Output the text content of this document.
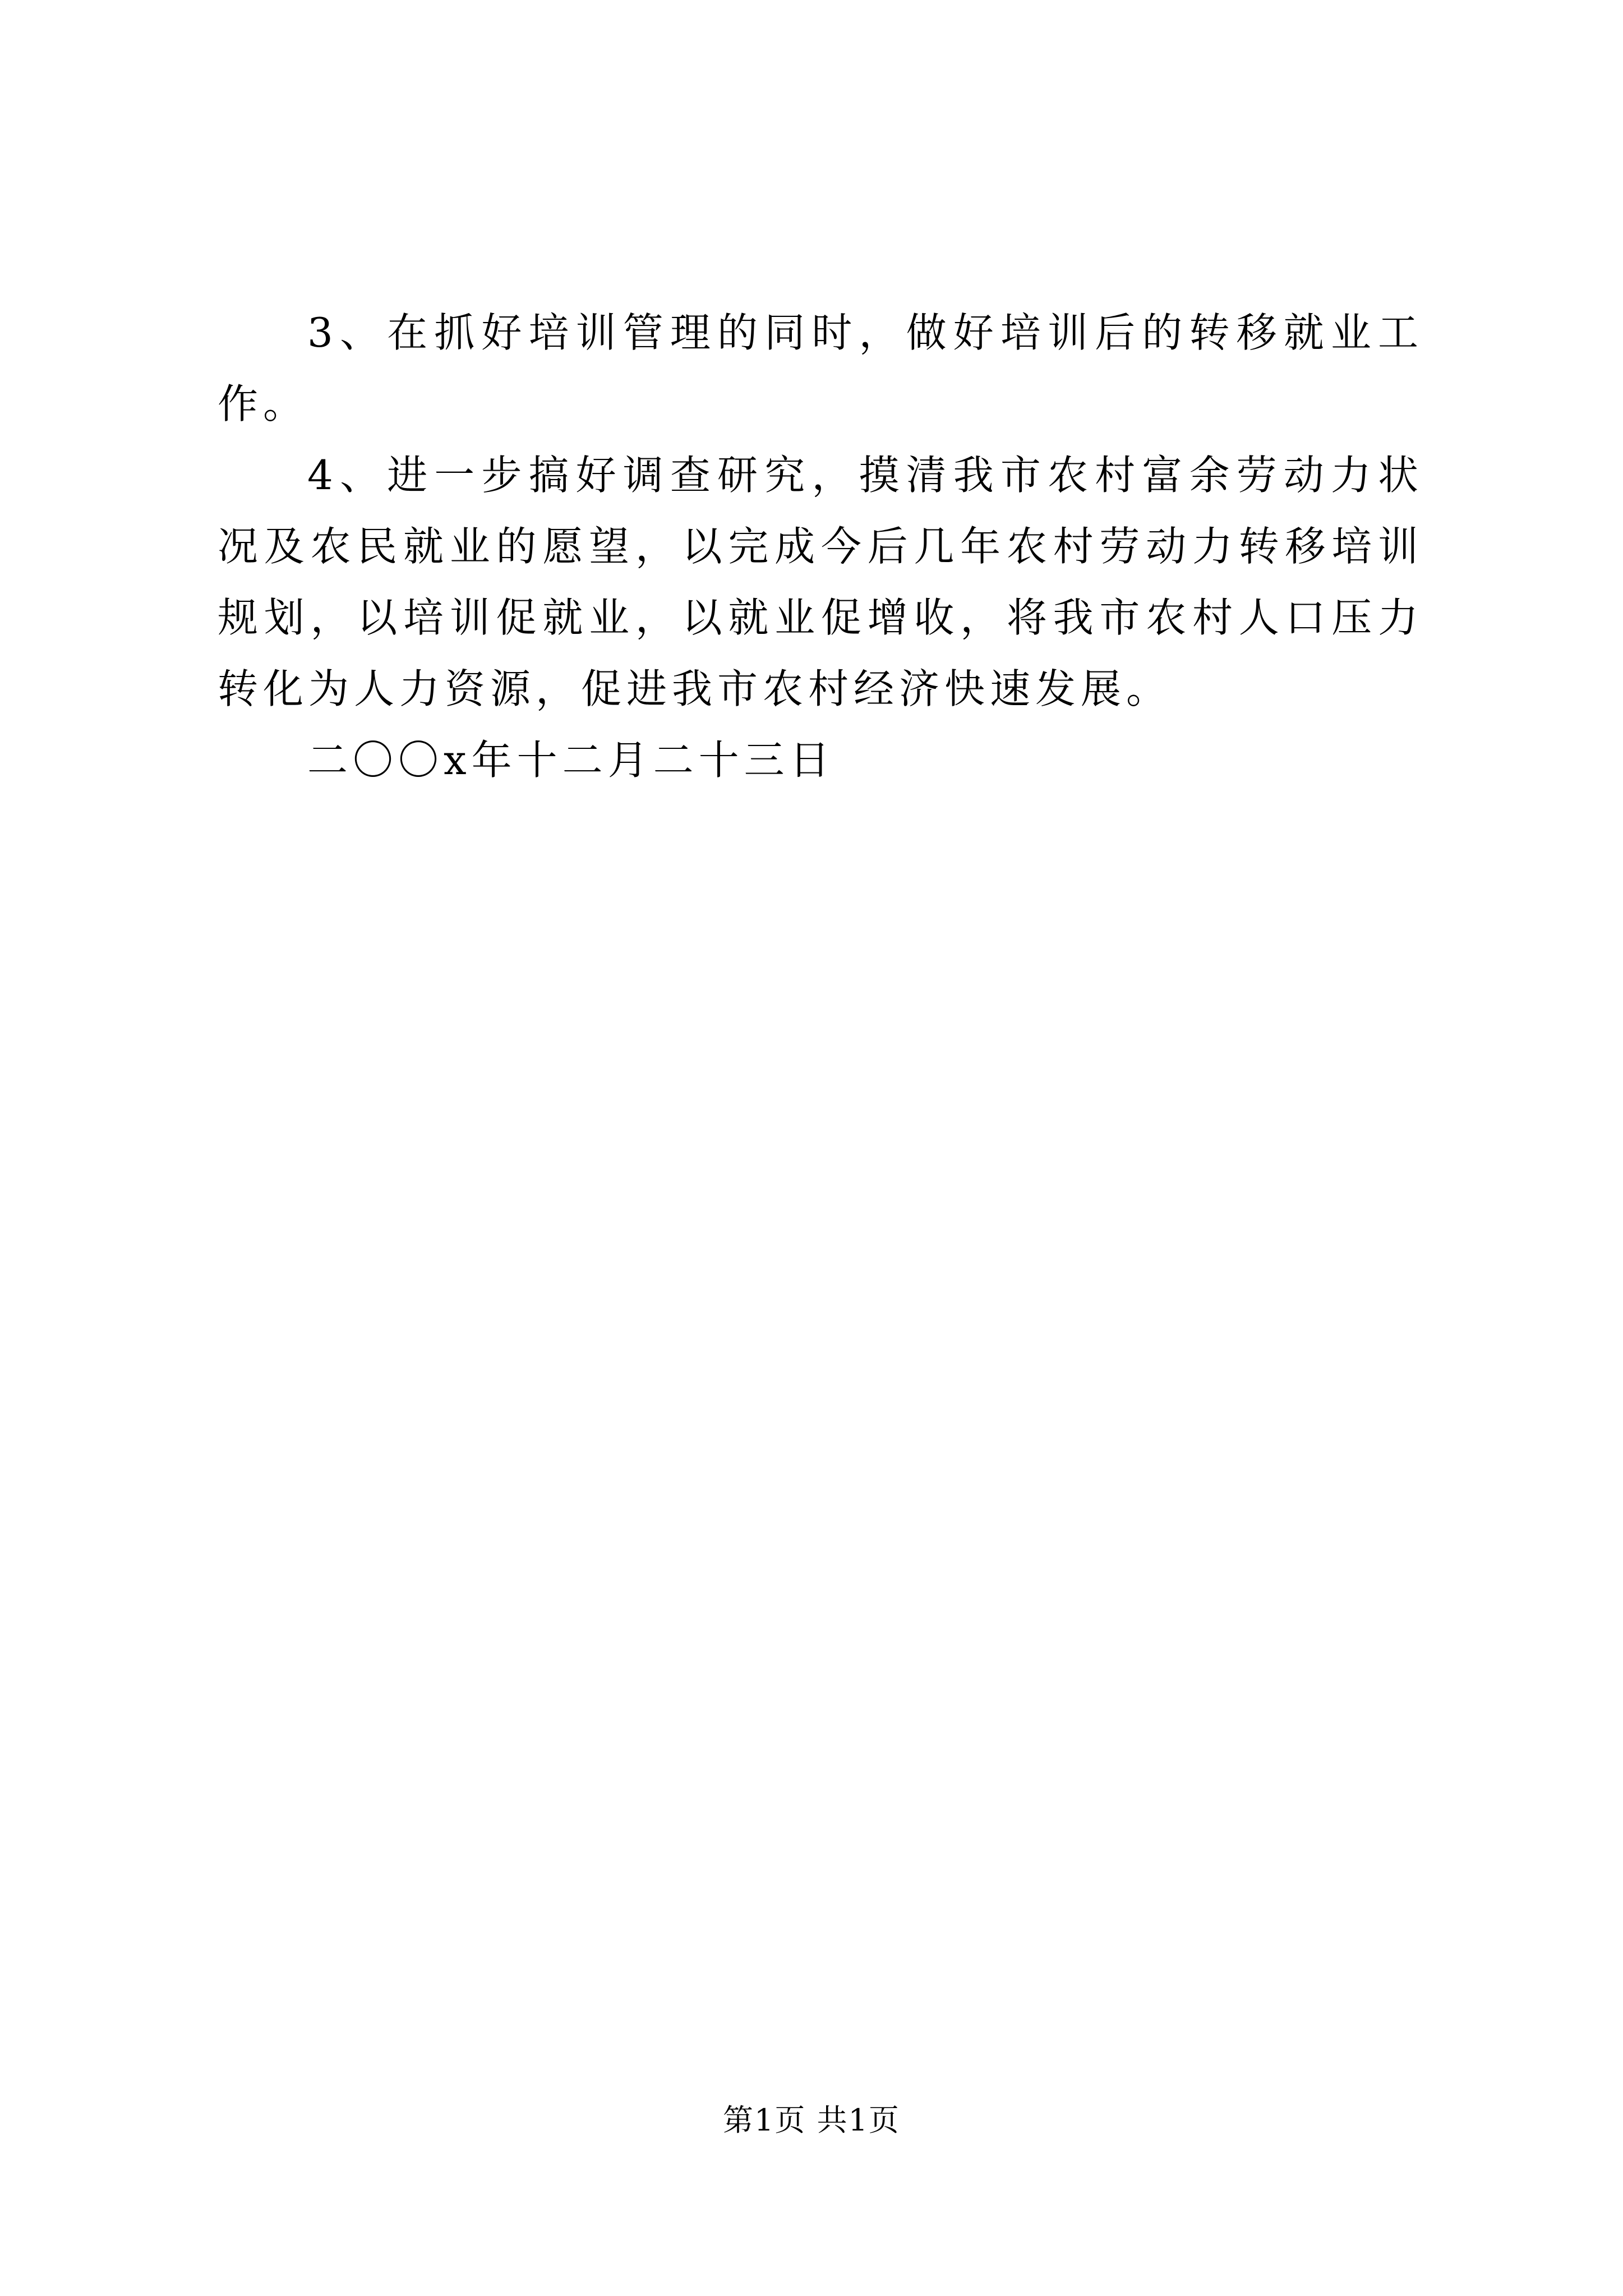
3、在抓好培训管理的同时，做好培训后的转移就业工作。

4、进一步搞好调查研究，摸清我市农村富余劳动力状况及农民就业的愿望，以完成今后几年农村劳动力转移培训规划，以培训促就业，以就业促增收，将我市农村人口压力转化为人力资源，促进我市农村经济快速发展。

二〇〇x年十二月二十三日

第1页 共1页
